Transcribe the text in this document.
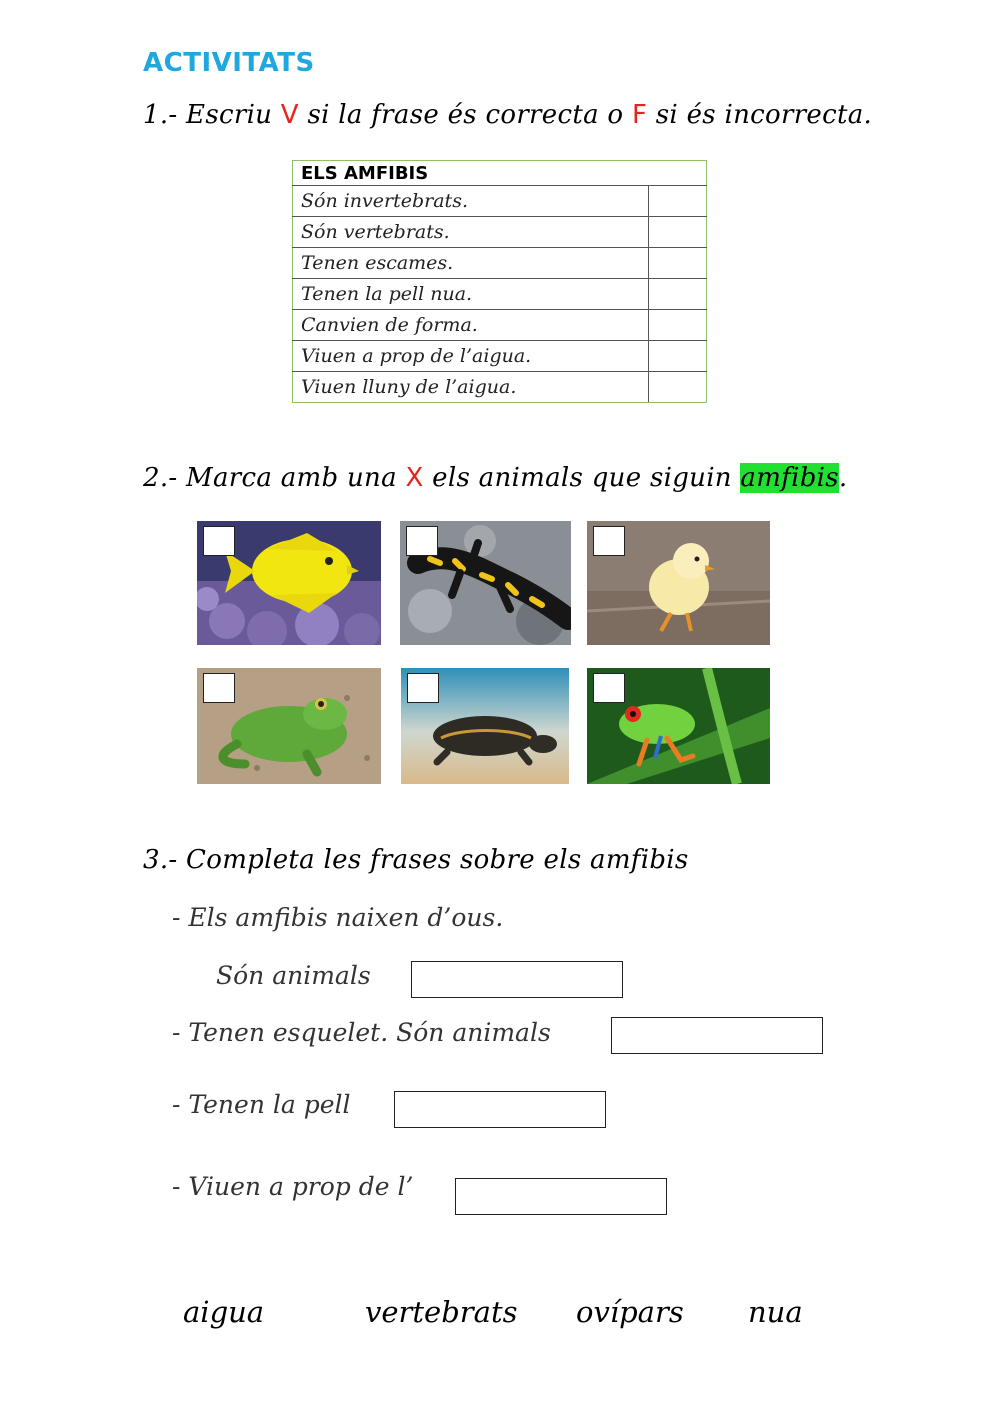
ACTIVITATS
1.- Escriu V si la frase és correcta o F si és incorrecta.
ELS AMFIBIS	
Són invertebrats.	
Són vertebrats.	
Tenen escames.	
Tenen la pell nua.	
Canvien de forma.	
Viuen a prop de l’aigua.	
Viuen lluny de l’aigua.	
2.- Marca amb una X els animals que siguin amfibis.
3.- Completa les frases sobre els amfibis
- Els amfibis naixen d’ous.
Són animals
- Tenen esquelet. Són animals
- Tenen la pell
- Viuen a prop de l’
aigua	vertebrats ovípars nua
